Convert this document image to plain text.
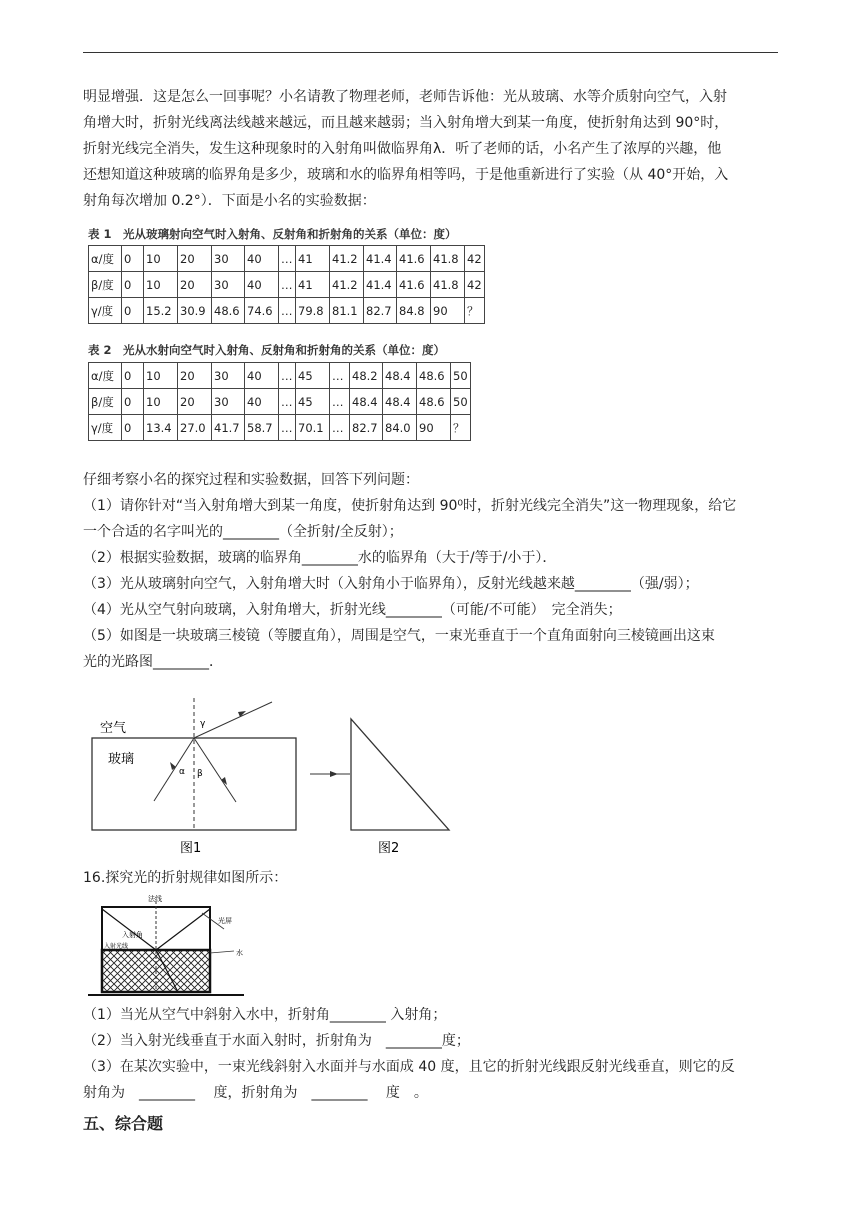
明显增强．这是怎么一回事呢？小名请教了物理老师，老师告诉他：光从玻璃、水等介质射向空气，入射

角增大时，折射光线离法线越来越远，而且越来越弱；当入射角增大到某一角度，使折射角达到 90°时，

折射光线完全消失，发生这种现象时的入射角叫做临界角λ．听了老师的话，小名产生了浓厚的兴趣，他

还想知道这种玻璃的临界角是多少，玻璃和水的临界角相等吗，于是他重新进行了实验（从 40°开始，入

射角每次增加 0.2°）．下面是小名的实验数据：

表 1　光从玻璃射向空气时入射角、反射角和折射角的关系（单位：度）
α/度	0	10	20	30	40	…	41	41.2	41.4	41.6	41.8	42
β/度	0	10	20	30	40	…	41	41.2	41.4	41.6	41.8	42
γ/度	0	15.2	30.9	48.6	74.6	…	79.8	81.1	82.7	84.8	90	？
表 2　光从水射向空气时入射角、反射角和折射角的关系（单位：度）
α/度	0	10	20	30	40	…	45	…	48.2	48.4	48.6	50
β/度	0	10	20	30	40	…	45	…	48.4	48.4	48.6	50
γ/度	0	13.4	27.0	41.7	58.7	…	70.1	…	82.7	84.0	90	？

仔细考察小名的探究过程和实验数据，回答下列问题：

（1）请你针对“当入射角增大到某一角度，使折射角达到 90⁰时，折射光线完全消失”这一物理现象，给它

一个合适的名字叫光的________（全折射/全反射）；

（2）根据实验数据，玻璃的临界角________水的临界角（大于/等于/小于）．

（3）光从玻璃射向空气，入射角增大时（入射角小于临界角），反射光线越来越________（强/弱）；

（4）光从空气射向玻璃，入射角增大，折射光线________（可能/不可能）　完全消失；

（5）如图是一块玻璃三棱镜（等腰直角），周围是空气，一束光垂直于一个直角面射向三棱镜画出这束

光的光路图________．

空气
玻璃
γ
α β
图1	图2
16.探究光的折射规律如图所示：
法线
光屏
入射角
入射光线
水

（1）当光从空气中斜射入水中，折射角________ 入射角；

（2）当入射光线垂直于水面入射时，折射角为　________度；

（3）在某次实验中，一束光线斜射入水面并与水面成 40 度，且它的折射光线跟反射光线垂直，则它的反

射角为　________　 度，折射角为　________　 度　。

五、综合题
